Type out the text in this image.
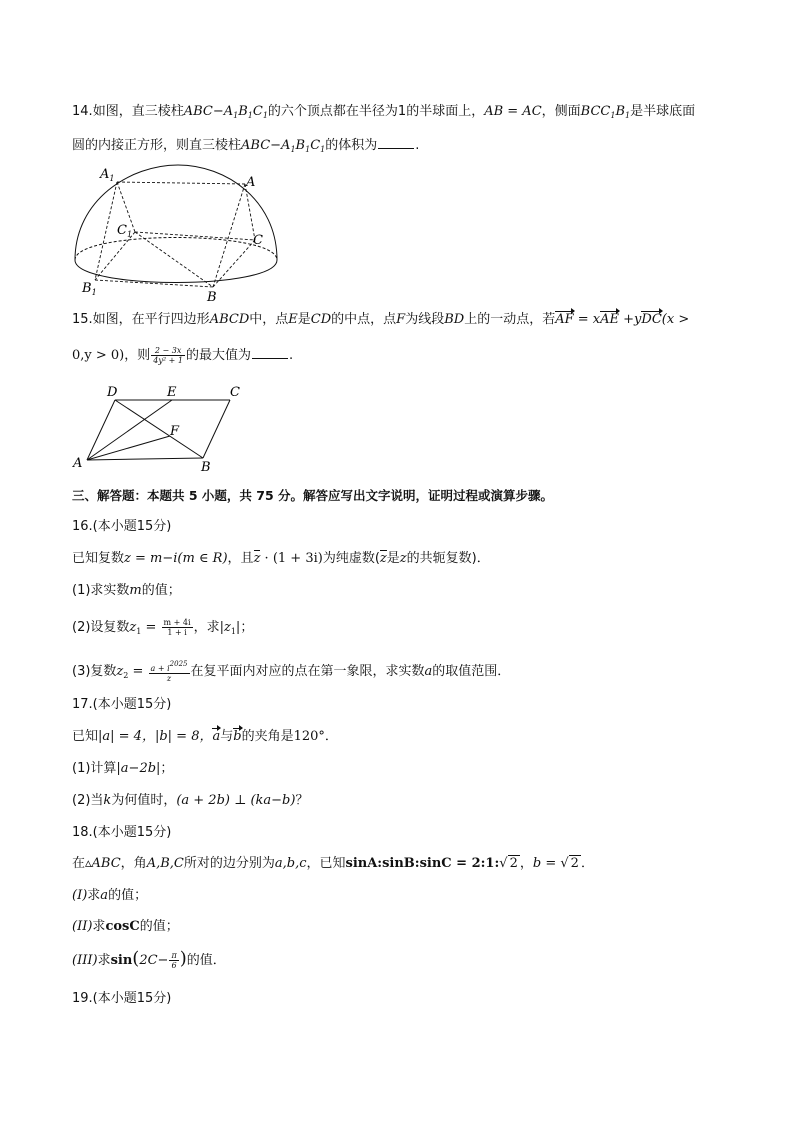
14.如图，直三棱柱$ABC-A_1B_1C_1$的六个顶点都在半径为1的半球面上，AB = AC，侧面$BCC_1B_1$是半球底面
圆的内接正方形，则直三棱柱$ABC-A_1B_1C_1$的体积为	.
$A_1$	A
$C_1$	C
$B_1$	B
15.如图，在平行四边形ABCD中，点E是CD的中点，点F为线段BD上的一动点，若AF = xAE +yDC(x >
0,y > 0)，则 $\frac{2 - 3x}{\text{4y² + 1}}$ 的最大值为	.
D	E	C
F
A	B
三、解答题：本题共 5 小题，共 75 分。解答应写出文字说明，证明过程或演算步骤。
16.(本小题15分)
已知复数z = m−i(m ∈ R)，且z · (1 + 3i)为纯虚数(z是z的共轭复数)．
(1)求实数m的值；
(2)设复数$z_1 = \frac{m + 4i}{1 + i}$ ，求$|z_1|$；
(3)复数$z_2 = \frac{a + i2025}{z}$ 在复平面内对应的点在第一象限，求实数a的取值范围．
17.(本小题15分)
已知|a| = 4，|b| = 8，a与b的夹角是120°．
(1)计算|a−2b|；
(2)当k为何值时，(a + 2b) ⊥ (ka−b)？
18.(本小题15分)
在▵ABC，角A,B,C所对的边分别为a,b,c，已知sinA:sinB:sinC = 2:1:√ 2 ，b = √ 2 ．
(I)求a的值；
(II)求cosC的值；
(III)求$\sin(2C- \frac{\pi}{6}$ )的值．
19.(本小题15分)
